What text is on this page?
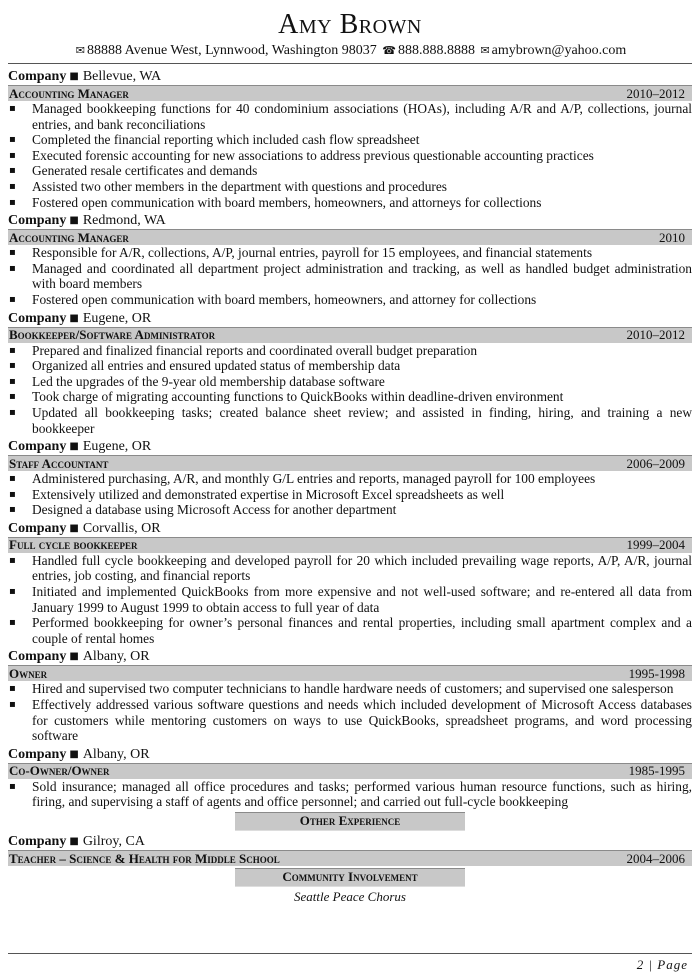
Amy Brown
✉ 88888 Avenue West, Lynnwood, Washington 98037 ☎ 888.888.8888 ✉ amybrown@yahoo.com
Company ■ Bellevue, WA
Accounting Manager	2010–2012
▪ Managed bookkeeping functions for 40 condominium associations (HOAs), including A/R and A/P, collections, journal entries, and bank reconciliations
▪ Completed the financial reporting which included cash flow spreadsheet
▪ Executed forensic accounting for new associations to address previous questionable accounting practices
▪ Generated resale certificates and demands
▪ Assisted two other members in the department with questions and procedures
▪ Fostered open communication with board members, homeowners, and attorneys for collections
Company ■ Redmond, WA
Accounting Manager	2010
▪ Responsible for A/R, collections, A/P, journal entries, payroll for 15 employees, and financial statements
▪ Managed and coordinated all department project administration and tracking, as well as handled budget administration with board members
▪ Fostered open communication with board members, homeowners, and attorney for collections
Company ■ Eugene, OR
Bookkeeper/Software Administrator	2010–2012
▪ Prepared and finalized financial reports and coordinated overall budget preparation
▪ Organized all entries and ensured updated status of membership data
▪ Led the upgrades of the 9-year old membership database software
▪ Took charge of migrating accounting functions to QuickBooks within deadline-driven environment
▪ Updated all bookkeeping tasks; created balance sheet review; and assisted in finding, hiring, and training a new bookkeeper
Company ■ Eugene, OR
Staff Accountant	2006–2009
▪ Administered purchasing, A/R, and monthly G/L entries and reports, managed payroll for 100 employees
▪ Extensively utilized and demonstrated expertise in Microsoft Excel spreadsheets as well
▪ Designed a database using Microsoft Access for another department
Company ■ Corvallis, OR
Full cycle bookkeeper	1999–2004
▪ Handled full cycle bookkeeping and developed payroll for 20 which included prevailing wage reports, A/P, A/R, journal entries, job costing, and financial reports
▪ Initiated and implemented QuickBooks from more expensive and not well-used software; and re-entered all data from January 1999 to August 1999 to obtain access to full year of data
▪ Performed bookkeeping for owner’s personal finances and rental properties, including small apartment complex and a couple of rental homes
Company ■ Albany, OR
Owner	1995-1998
▪ Hired and supervised two computer technicians to handle hardware needs of customers; and supervised one salesperson
▪ Effectively addressed various software questions and needs which included development of Microsoft Access databases for customers while mentoring customers on ways to use QuickBooks, spreadsheet programs, and word processing software
Company ■ Albany, OR
Co-Owner/Owner	1985-1995
▪ Sold insurance; managed all office procedures and tasks; performed various human resource functions, such as hiring, firing, and supervising a staff of agents and office personnel; and carried out full-cycle bookkeeping
Other Experience
Company ■ Gilroy, CA
Teacher – Science & Health for Middle School	2004–2006
Community Involvement
Seattle Peace Chorus
2 | Page
